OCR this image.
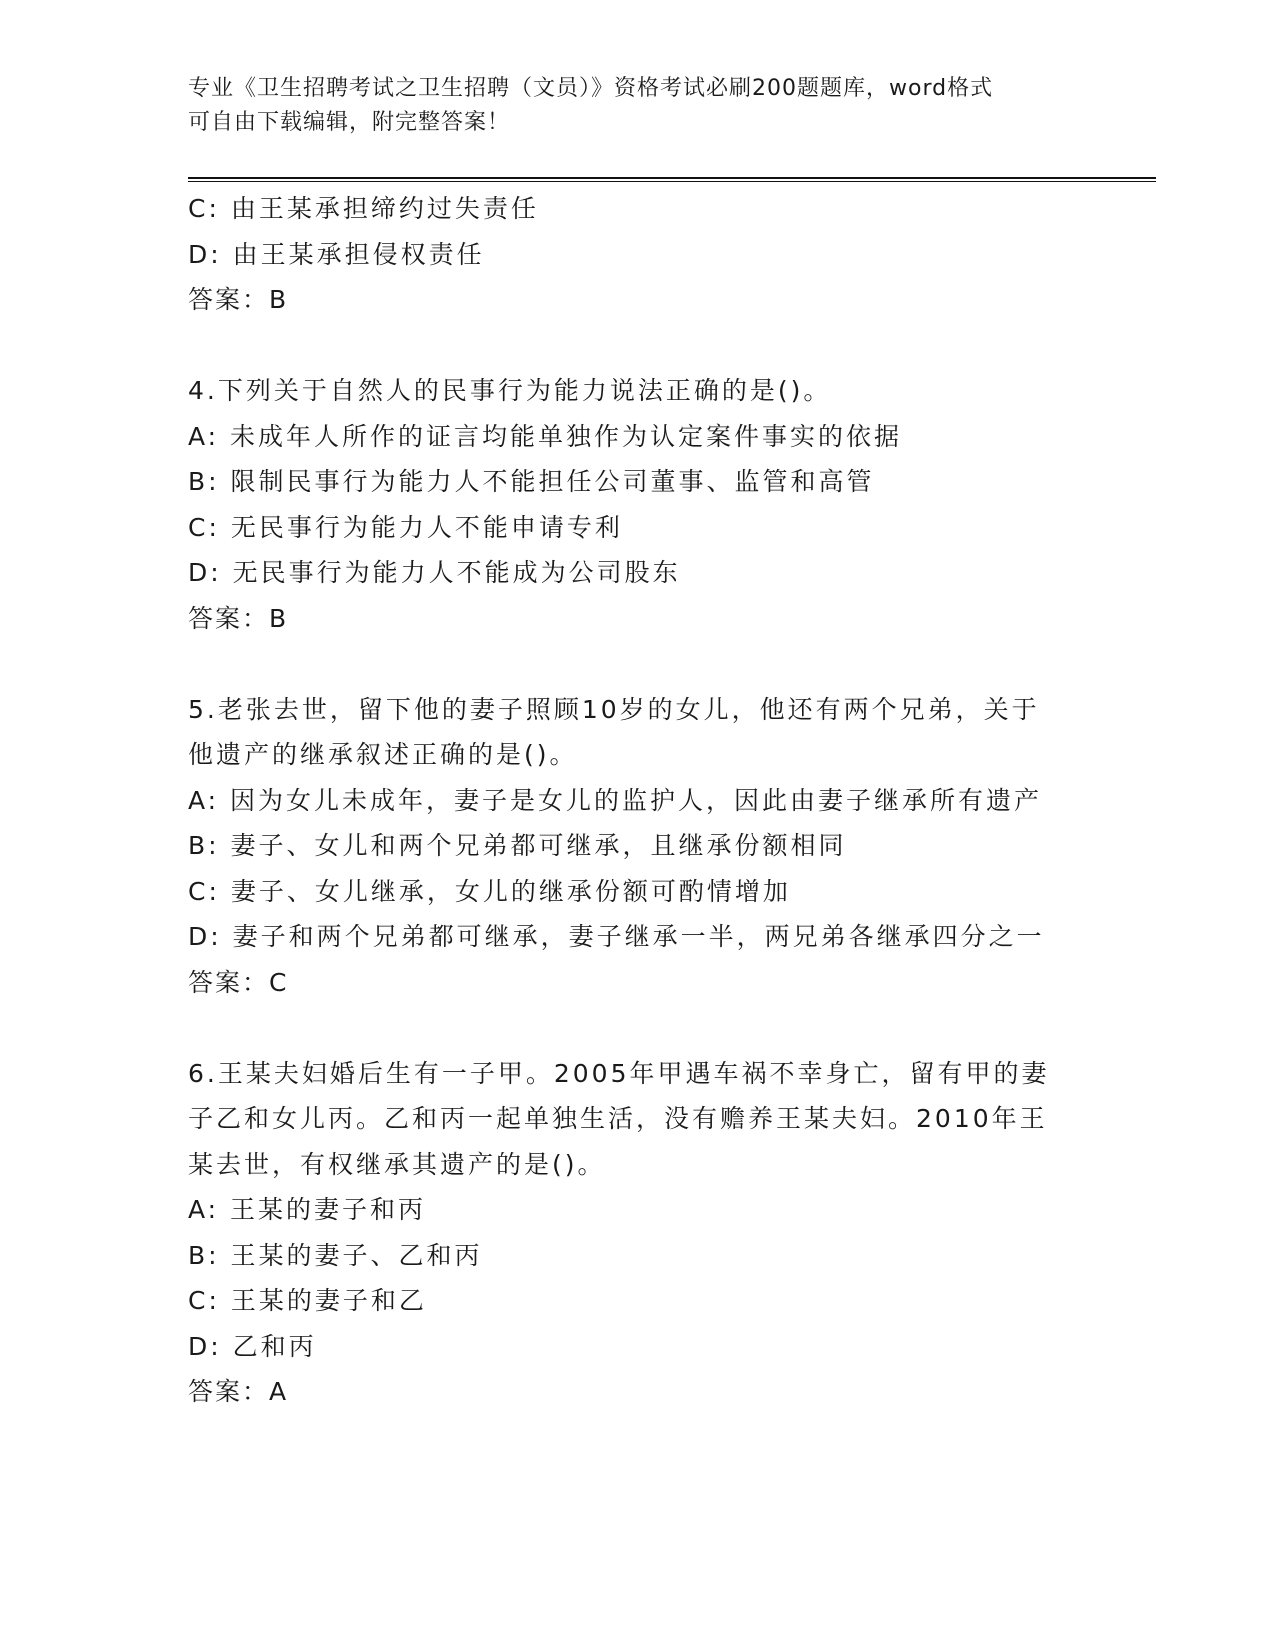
专业《卫生招聘考试之卫生招聘（文员）》资格考试必刷200题题库，word格式
可自由下载编辑，附完整答案！
C: 由王某承担缔约过失责任
D: 由王某承担侵权责任
答案：B
4.下列关于自然人的民事行为能力说法正确的是()。
A: 未成年人所作的证言均能单独作为认定案件事实的依据
B: 限制民事行为能力人不能担任公司董事、监管和高管
C: 无民事行为能力人不能申请专利
D: 无民事行为能力人不能成为公司股东
答案：B
5.老张去世，留下他的妻子照顾10岁的女儿，他还有两个兄弟，关于
他遗产的继承叙述正确的是()。
A: 因为女儿未成年，妻子是女儿的监护人，因此由妻子继承所有遗产
B: 妻子、女儿和两个兄弟都可继承，且继承份额相同
C: 妻子、女儿继承，女儿的继承份额可酌情增加
D: 妻子和两个兄弟都可继承，妻子继承一半，两兄弟各继承四分之一
答案：C
6.王某夫妇婚后生有一子甲。2005年甲遇车祸不幸身亡，留有甲的妻
子乙和女儿丙。乙和丙一起单独生活，没有赡养王某夫妇。2010年王
某去世，有权继承其遗产的是()。
A: 王某的妻子和丙
B: 王某的妻子、乙和丙
C: 王某的妻子和乙
D: 乙和丙
答案：A
